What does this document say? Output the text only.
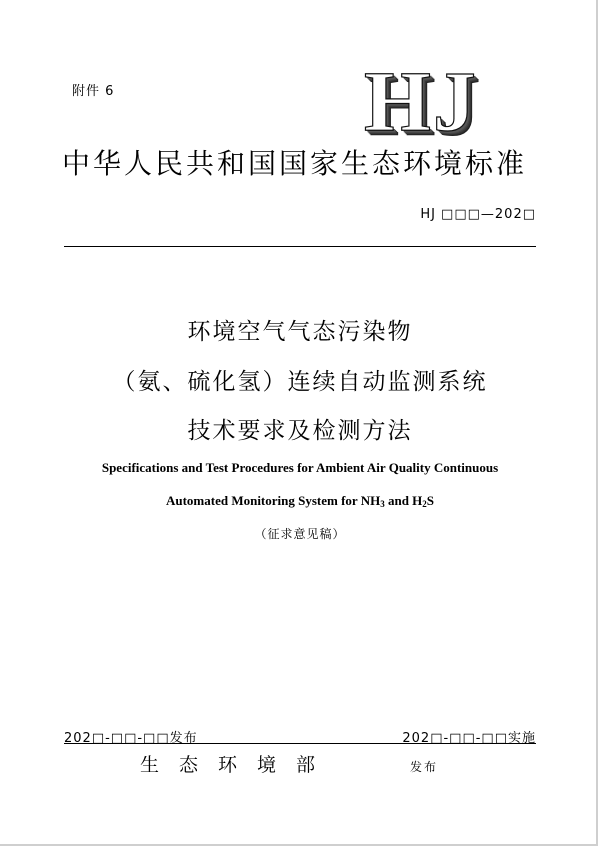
附件 6	HJ
中华人民共和国国家生态环境标准
HJ □□□—202□
环境空气气态污染物
（氨、硫化氢）连续自动监测系统
技术要求及检测方法
Specifications and Test Procedures for Ambient Air Quality Continuous
Automated Monitoring System for $NH_3$ and $H_2S$
（征求意见稿）
202□-□□-□□发布	202□-□□-□□实施
生态环境部	发布
